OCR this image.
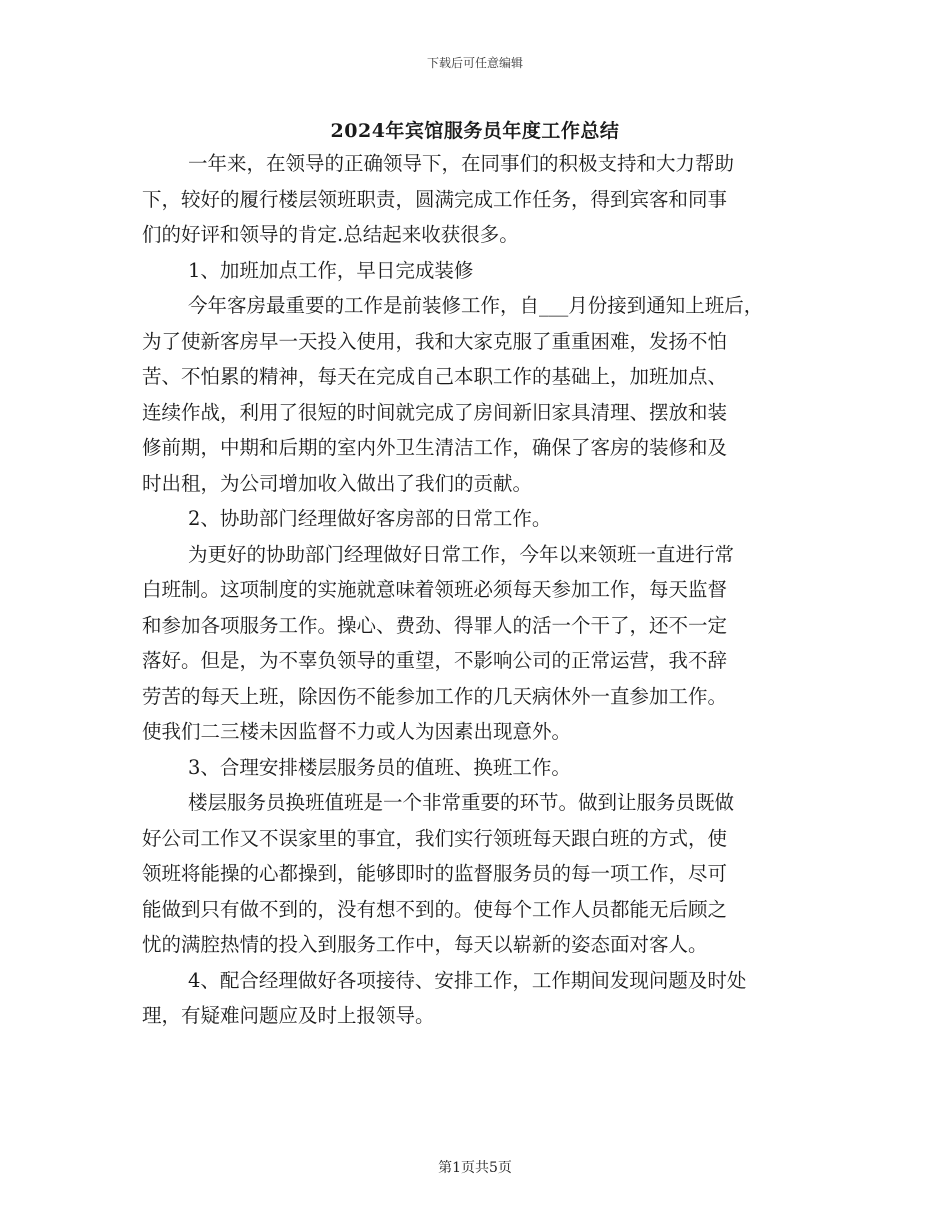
下载后可任意编辑
2024年宾馆服务员年度工作总结
一年来，在领导的正确领导下，在同事们的积极支持和大力帮助
下，较好的履行楼层领班职责，圆满完成工作任务，得到宾客和同事
们的好评和领导的肯定.总结起来收获很多。
1、加班加点工作，早日完成装修
今年客房最重要的工作是前装修工作，自___月份接到通知上班后，
为了使新客房早一天投入使用，我和大家克服了重重困难，发扬不怕
苦、不怕累的精神，每天在完成自己本职工作的基础上，加班加点、
连续作战，利用了很短的时间就完成了房间新旧家具清理、摆放和装
修前期，中期和后期的室内外卫生清洁工作，确保了客房的装修和及
时出租，为公司增加收入做出了我们的贡献。
2、协助部门经理做好客房部的日常工作。
为更好的协助部门经理做好日常工作，今年以来领班一直进行常
白班制。这项制度的实施就意味着领班必须每天参加工作，每天监督
和参加各项服务工作。操心、费劲、得罪人的活一个干了，还不一定
落好。但是，为不辜负领导的重望，不影响公司的正常运营，我不辞
劳苦的每天上班，除因伤不能参加工作的几天病休外一直参加工作。
使我们二三楼未因监督不力或人为因素出现意外。
3、合理安排楼层服务员的值班、换班工作。
楼层服务员换班值班是一个非常重要的环节。做到让服务员既做
好公司工作又不误家里的事宜，我们实行领班每天跟白班的方式，使
领班将能操的心都操到，能够即时的监督服务员的每一项工作，尽可
能做到只有做不到的，没有想不到的。使每个工作人员都能无后顾之
忧的满腔热情的投入到服务工作中，每天以崭新的姿态面对客人。
4、配合经理做好各项接待、安排工作，工作期间发现问题及时处
理，有疑难问题应及时上报领导。
第1页共5页
